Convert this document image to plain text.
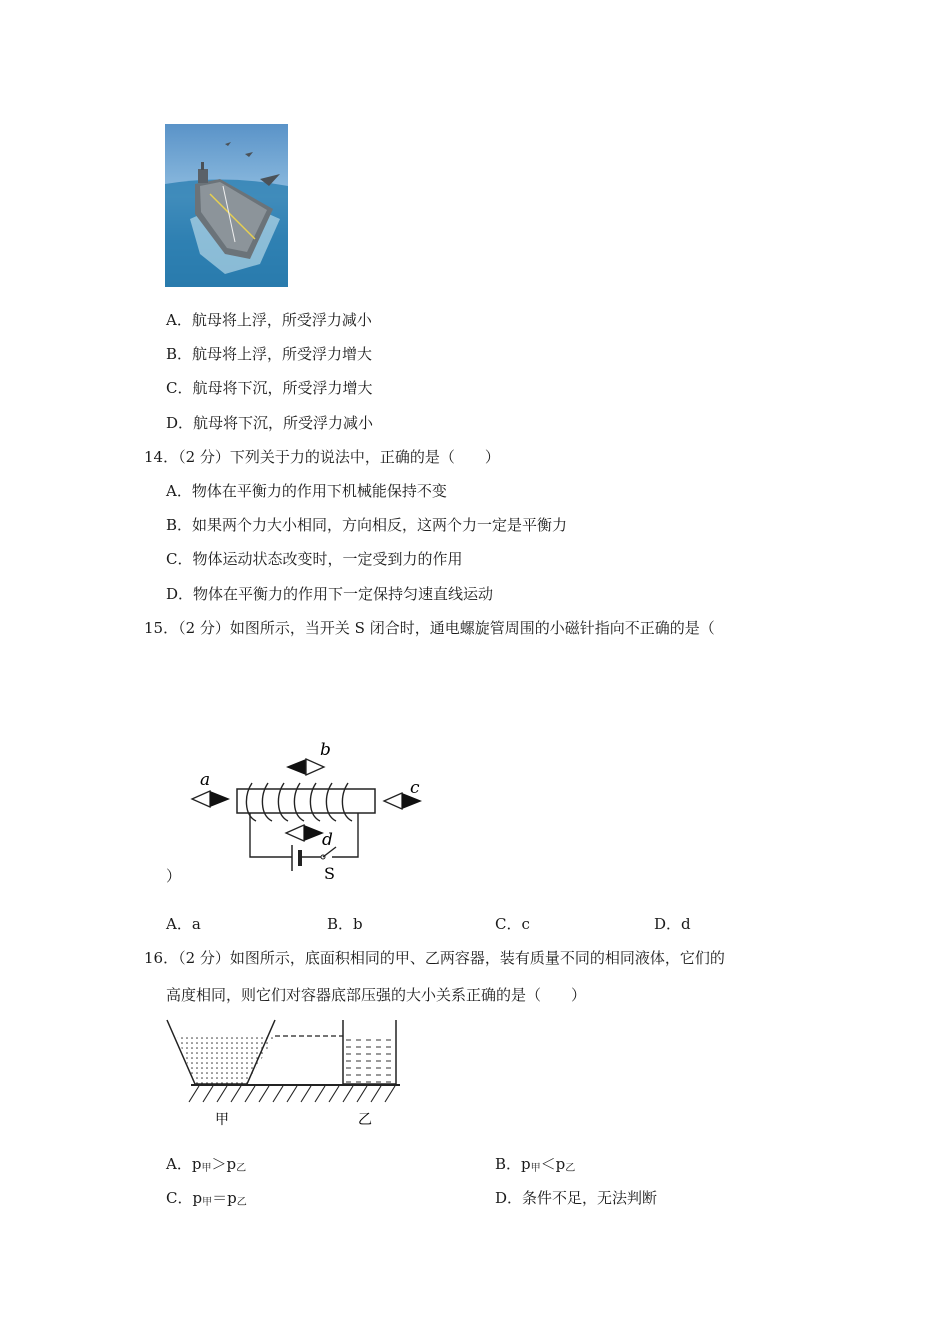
A．航母将上浮，所受浮力减小
B．航母将上浮，所受浮力增大
C．航母将下沉，所受浮力增大
D．航母将下沉，所受浮力减小
14．（2 分）下列关于力的说法中，正确的是（　　）
A．物体在平衡力的作用下机械能保持不变
B．如果两个力大小相同，方向相反，这两个力一定是平衡力
C．物体运动状态改变时，一定受到力的作用
D．物体在平衡力的作用下一定保持匀速直线运动
15．（2 分）如图所示，当开关 S 闭合时，通电螺旋管周围的小磁针指向不正确的是（
S
a
b
c
d
）
A．a	B．b	C．c	D．d
16．（2 分）如图所示，底面积相同的甲、乙两容器，装有质量不同的相同液体，它们的
高度相同，则它们对容器底部压强的大小关系正确的是（　　）
甲	乙
A．$p_甲>p_乙$	B．$p_甲<p_乙$
C．$p_甲=p_乙$	D．条件不足，无法判断
